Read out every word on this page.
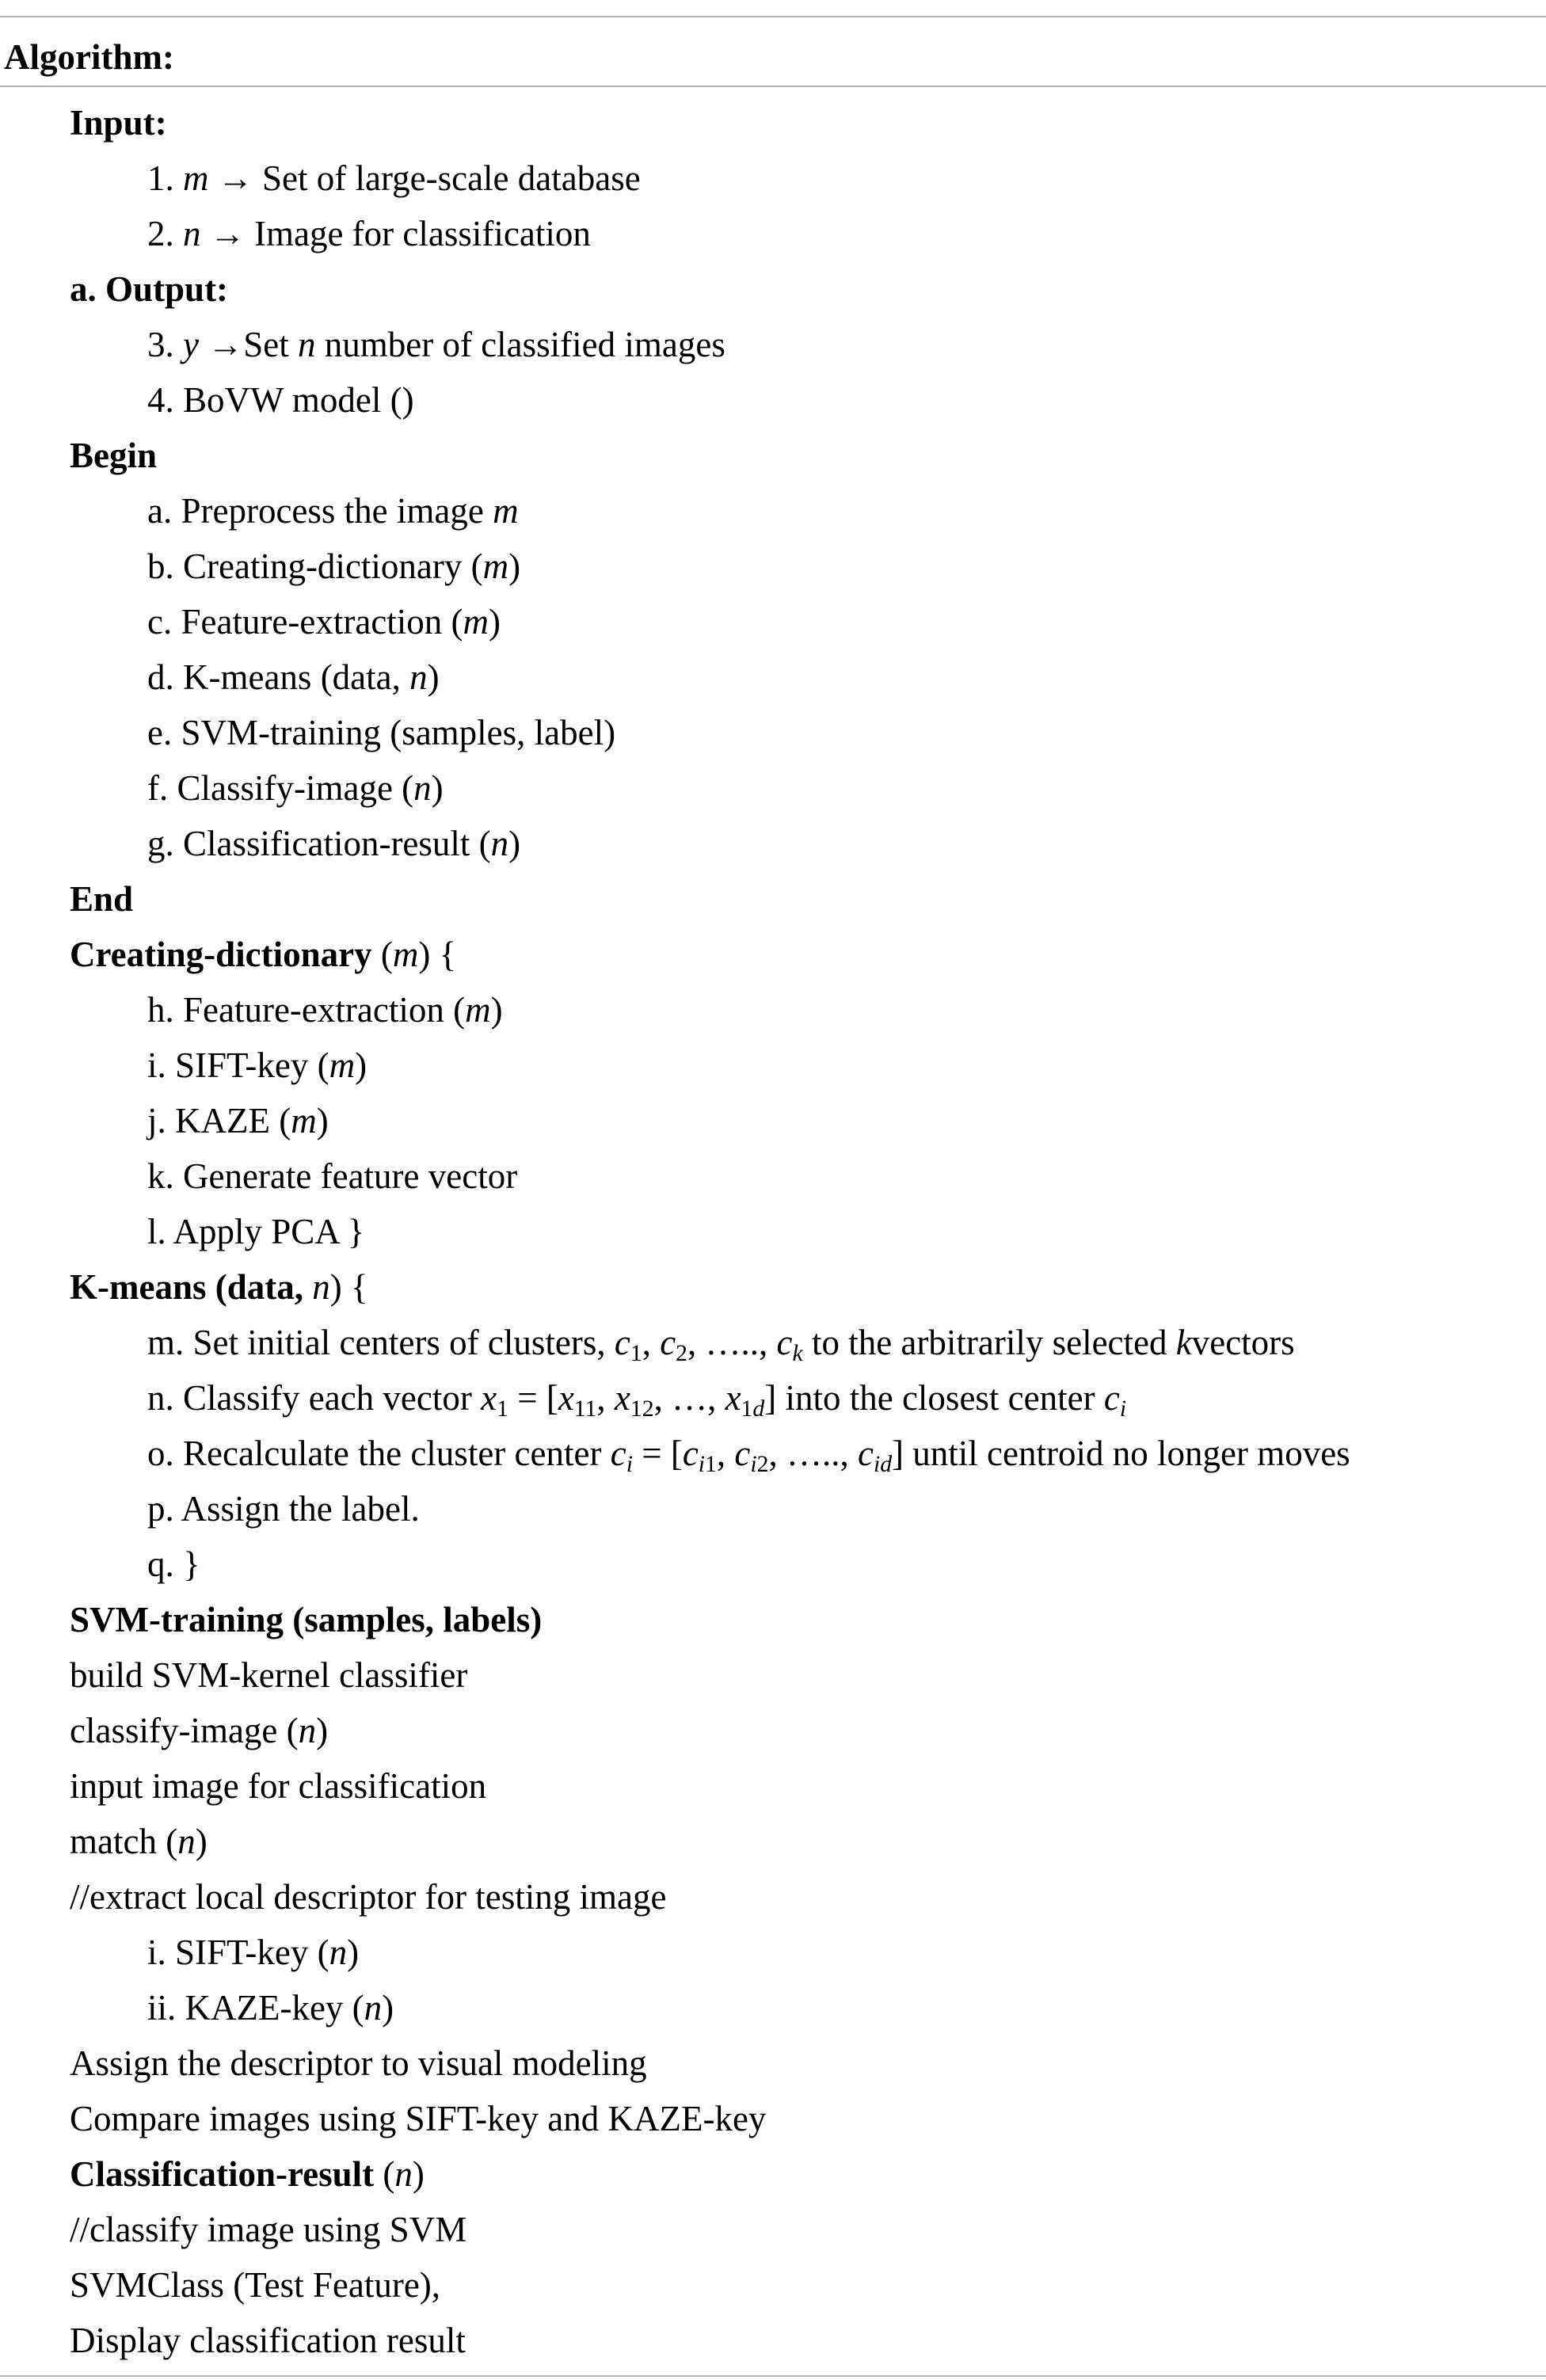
Algorithm:
Input:
1. m → Set of large-scale database
2. n → Image for classification
a. Output:
3. y →Set n number of classified images
4. BoVW model ()
Begin
a. Preprocess the image m
b. Creating-dictionary (m)
c. Feature-extraction (m)
d. K-means (data, n)
e. SVM-training (samples, label)
f. Classify-image (n)
g. Classification-result (n)
End
Creating-dictionary (m) {
h. Feature-extraction (m)
i. SIFT-key (m)
j. KAZE (m)
k. Generate feature vector
l. Apply PCA }
K-means (data, n) {
m. Set initial centers of clusters, c1, c2, ….., ck to the arbitrarily selected kvectors
n. Classify each vector x1 = [x11, x12, …, x1d] into the closest center ci
o. Recalculate the cluster center ci = [ci1, ci2, ….., cid] until centroid no longer moves
p. Assign the label.
q. }
SVM-training (samples, labels)
build SVM-kernel classifier
classify-image (n)
input image for classification
match (n)
//extract local descriptor for testing image
i. SIFT-key (n)
ii. KAZE-key (n)
Assign the descriptor to visual modeling
Compare images using SIFT-key and KAZE-key
Classification-result (n)
//classify image using SVM
SVMClass (Test Feature),
Display classification result
